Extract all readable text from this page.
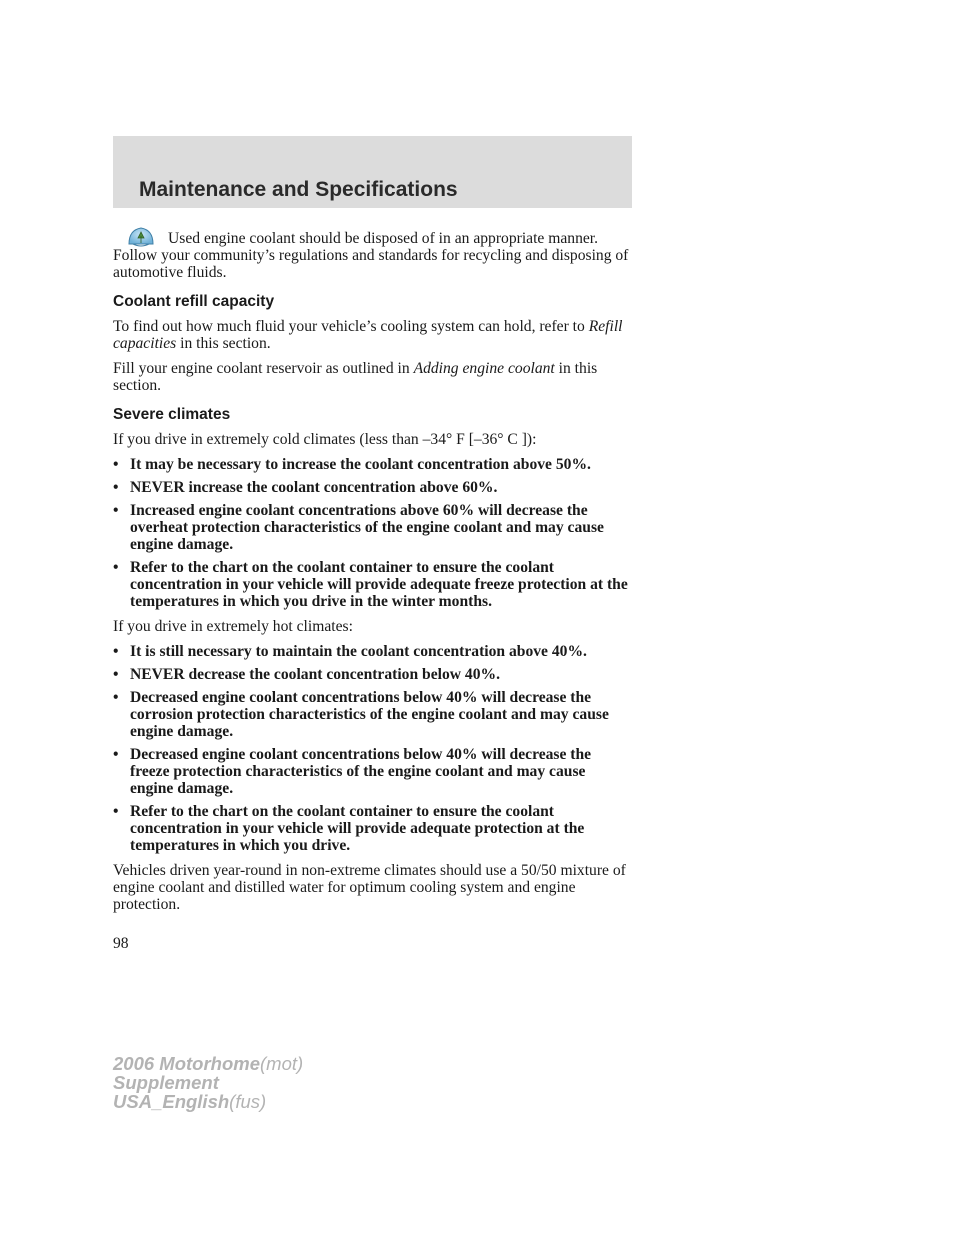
Maintenance and Specifications

Used engine coolant should be disposed of in an appropriate manner. Follow your community’s regulations and standards for recycling and disposing of automotive fluids.

Coolant refill capacity

To find out how much fluid your vehicle’s cooling system can hold, refer to Refill capacities in this section.

Fill your engine coolant reservoir as outlined in Adding engine coolant in this section.

Severe climates

If you drive in extremely cold climates (less than –34° F [–36° C ]):

• It may be necessary to increase the coolant concentration above 50%.
• NEVER increase the coolant concentration above 60%.
• Increased engine coolant concentrations above 60% will decrease the overheat protection characteristics of the engine coolant and may cause engine damage.
• Refer to the chart on the coolant container to ensure the coolant concentration in your vehicle will provide adequate freeze protection at the temperatures in which you drive in the winter months.

If you drive in extremely hot climates:

• It is still necessary to maintain the coolant concentration above 40%.
• NEVER decrease the coolant concentration below 40%.
• Decreased engine coolant concentrations below 40% will decrease the corrosion protection characteristics of the engine coolant and may cause engine damage.
• Decreased engine coolant concentrations below 40% will decrease the freeze protection characteristics of the engine coolant and may cause engine damage.
• Refer to the chart on the coolant container to ensure the coolant concentration in your vehicle will provide adequate protection at the temperatures in which you drive.

Vehicles driven year-round in non-extreme climates should use a 50/50 mixture of engine coolant and distilled water for optimum cooling system and engine protection.

98
2006 Motorhome(mot)
Supplement
USA_English(fus)
